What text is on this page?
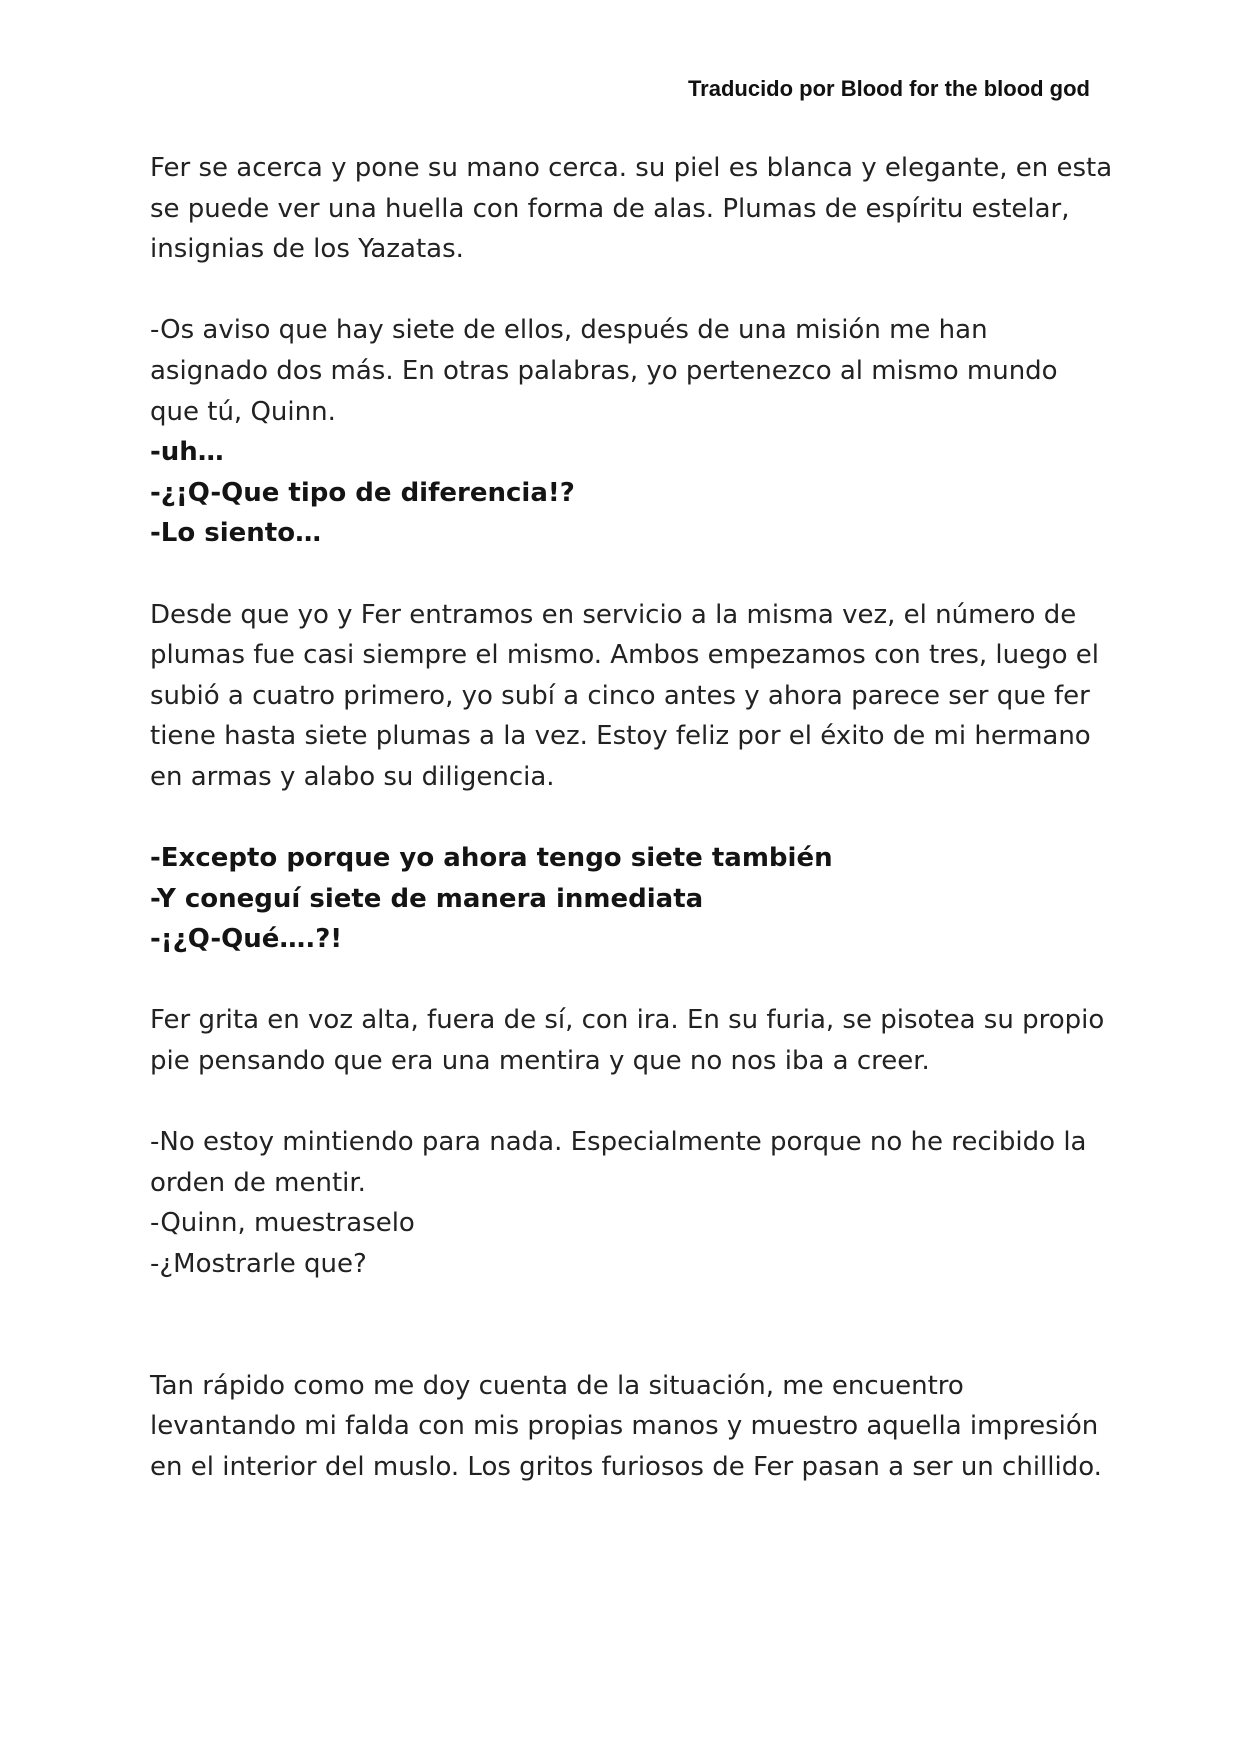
Traducido por Blood for the blood god

Fer se acerca y pone su mano cerca. su piel es blanca y elegante, en esta
se puede ver una huella con forma de alas. Plumas de espíritu estelar,
insignias de los Yazatas.

-Os aviso que hay siete de ellos, después de una misión me han
asignado dos más. En otras palabras, yo pertenezco al mismo mundo
que tú, Quinn.
-uh…
-¿¡Q-Que tipo de diferencia!?
-Lo siento…

Desde que yo y Fer entramos en servicio a la misma vez, el número de
plumas fue casi siempre el mismo. Ambos empezamos con tres, luego el
subió a cuatro primero, yo subí a cinco antes y ahora parece ser que fer
tiene hasta siete plumas a la vez. Estoy feliz por el éxito de mi hermano
en armas y alabo su diligencia.

-Excepto porque yo ahora tengo siete también
-Y coneguí siete de manera inmediata
-¡¿Q-Qué….?!

Fer grita en voz alta, fuera de sí, con ira. En su furia, se pisotea su propio
pie pensando que era una mentira y que no nos iba a creer.

-No estoy mintiendo para nada. Especialmente porque no he recibido la
orden de mentir.
-Quinn, muestraselo
-¿Mostrarle que?

Tan rápido como me doy cuenta de la situación, me encuentro
levantando mi falda con mis propias manos y muestro aquella impresión
en el interior del muslo. Los gritos furiosos de Fer pasan a ser un chillido.
